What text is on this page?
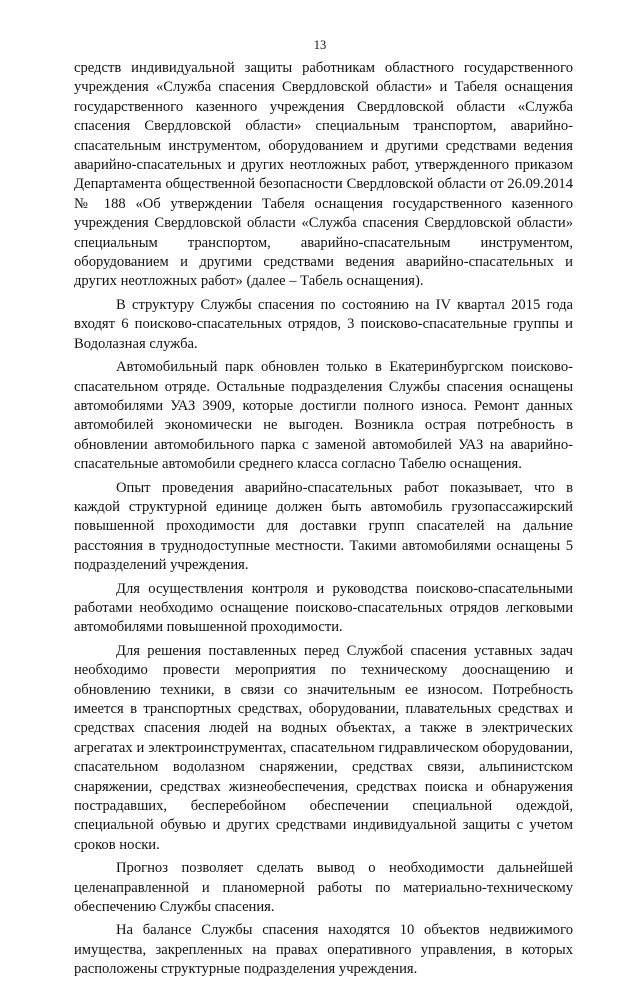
13

средств индивидуальной защиты работникам областного государственного учреждения «Служба спасения Свердловской области» и Табеля оснащения государственного казенного учреждения Свердловской области «Служба спасения Свердловской области» специальным транспортом, аварийно-спасательным инструментом, оборудованием и другими средствами ведения аварийно-спасательных и других неотложных работ, утвержденного приказом Департамента общественной безопасности Свердловской области от 26.09.2014 № 188 «Об утверждении Табеля оснащения государственного казенного учреждения Свердловской области «Служба спасения Свердловской области» специальным транспортом, аварийно-спасательным инструментом, оборудованием и другими средствами ведения аварийно-спасательных и других неотложных работ» (далее – Табель оснащения).

В структуру Службы спасения по состоянию на IV квартал 2015 года входят 6 поисково-спасательных отрядов, 3 поисково-спасательные группы и Водолазная служба.

Автомобильный парк обновлен только в Екатеринбургском поисково-спасательном отряде. Остальные подразделения Службы спасения оснащены автомобилями УАЗ 3909, которые достигли полного износа. Ремонт данных автомобилей экономически не выгоден. Возникла острая потребность в обновлении автомобильного парка с заменой автомобилей УАЗ на аварийно-спасательные автомобили среднего класса согласно Табелю оснащения.

Опыт проведения аварийно-спасательных работ показывает, что в каждой структурной единице должен быть автомобиль грузопассажирский повышенной проходимости для доставки групп спасателей на дальние расстояния в труднодоступные местности. Такими автомобилями оснащены 5 подразделений учреждения.

Для осуществления контроля и руководства поисково-спасательными работами необходимо оснащение поисково-спасательных отрядов легковыми автомобилями повышенной проходимости.

Для решения поставленных перед Службой спасения уставных задач необходимо провести мероприятия по техническому дооснащению и обновлению техники, в связи со значительным ее износом. Потребность имеется в транспортных средствах, оборудовании, плавательных средствах и средствах спасения людей на водных объектах, а также в электрических агрегатах и электроинструментах, спасательном гидравлическом оборудовании, спасательном водолазном снаряжении, средствах связи, альпинистском снаряжении, средствах жизнеобеспечения, средствах поиска и обнаружения пострадавших, бесперебойном обеспечении специальной одеждой, специальной обувью и других средствами индивидуальной защиты с учетом сроков носки.

Прогноз позволяет сделать вывод о необходимости дальнейшей целенаправленной и планомерной работы по материально-техническому обеспечению Службы спасения.

На балансе Службы спасения находятся 10 объектов недвижимого имущества, закрепленных на правах оперативного управления, в которых расположены структурные подразделения учреждения.
